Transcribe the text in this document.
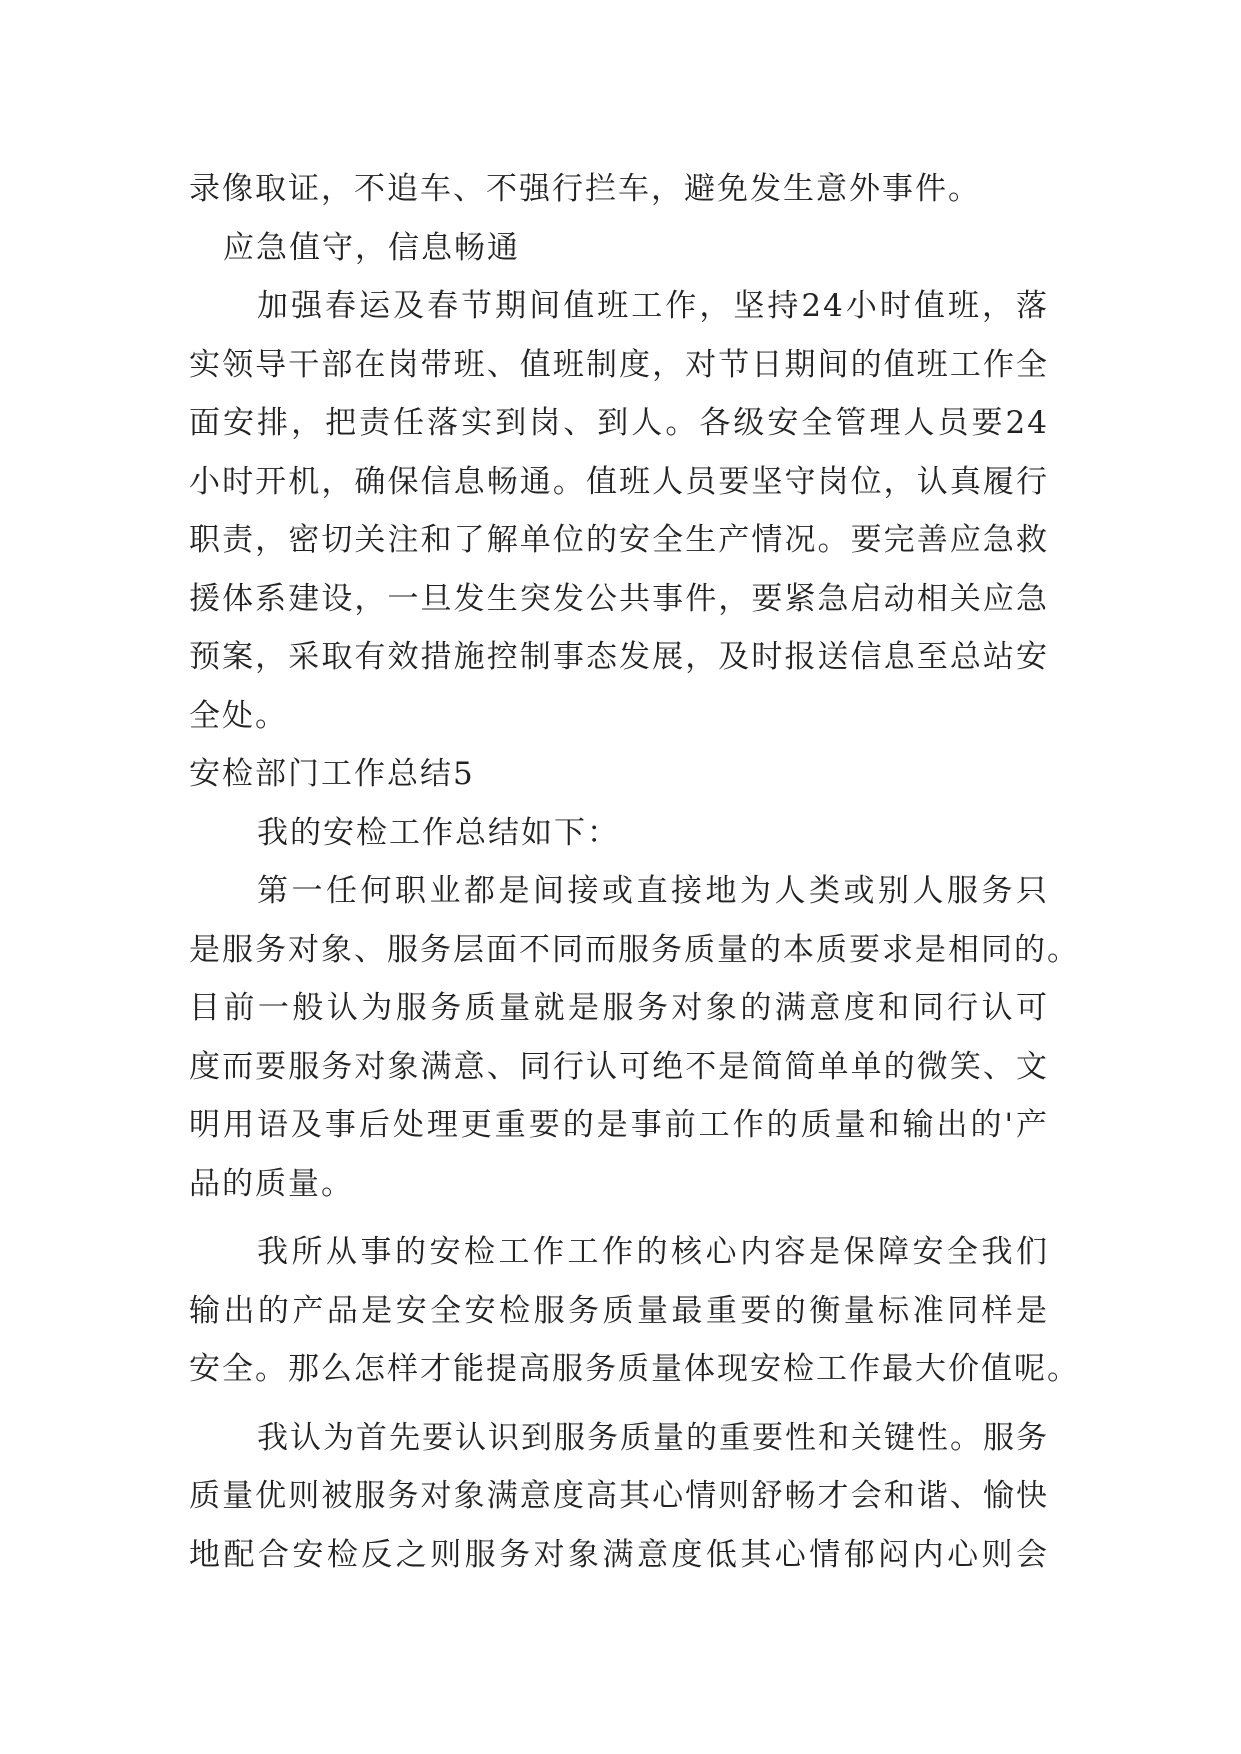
录像取证，不追车、不强行拦车，避免发生意外事件。
应急值守，信息畅通
加强春运及春节期间值班工作，坚持24小时值班，落
实领导干部在岗带班、值班制度，对节日期间的值班工作全
面安排，把责任落实到岗、到人。各级安全管理人员要24
小时开机，确保信息畅通。值班人员要坚守岗位，认真履行
职责，密切关注和了解单位的安全生产情况。要完善应急救
援体系建设，一旦发生突发公共事件，要紧急启动相关应急
预案，采取有效措施控制事态发展，及时报送信息至总站安
全处。
安检部门工作总结5
我的安检工作总结如下：
第一任何职业都是间接或直接地为人类或别人服务只
是服务对象、服务层面不同而服务质量的本质要求是相同的。
目前一般认为服务质量就是服务对象的满意度和同行认可
度而要服务对象满意、同行认可绝不是简简单单的微笑、文
明用语及事后处理更重要的是事前工作的质量和输出的'产
品的质量。
我所从事的安检工作工作的核心内容是保障安全我们
输出的产品是安全安检服务质量最重要的衡量标准同样是
安全。那么怎样才能提高服务质量体现安检工作最大价值呢。
我认为首先要认识到服务质量的重要性和关键性。服务
质量优则被服务对象满意度高其心情则舒畅才会和谐、愉快
地配合安检反之则服务对象满意度低其心情郁闷内心则会
